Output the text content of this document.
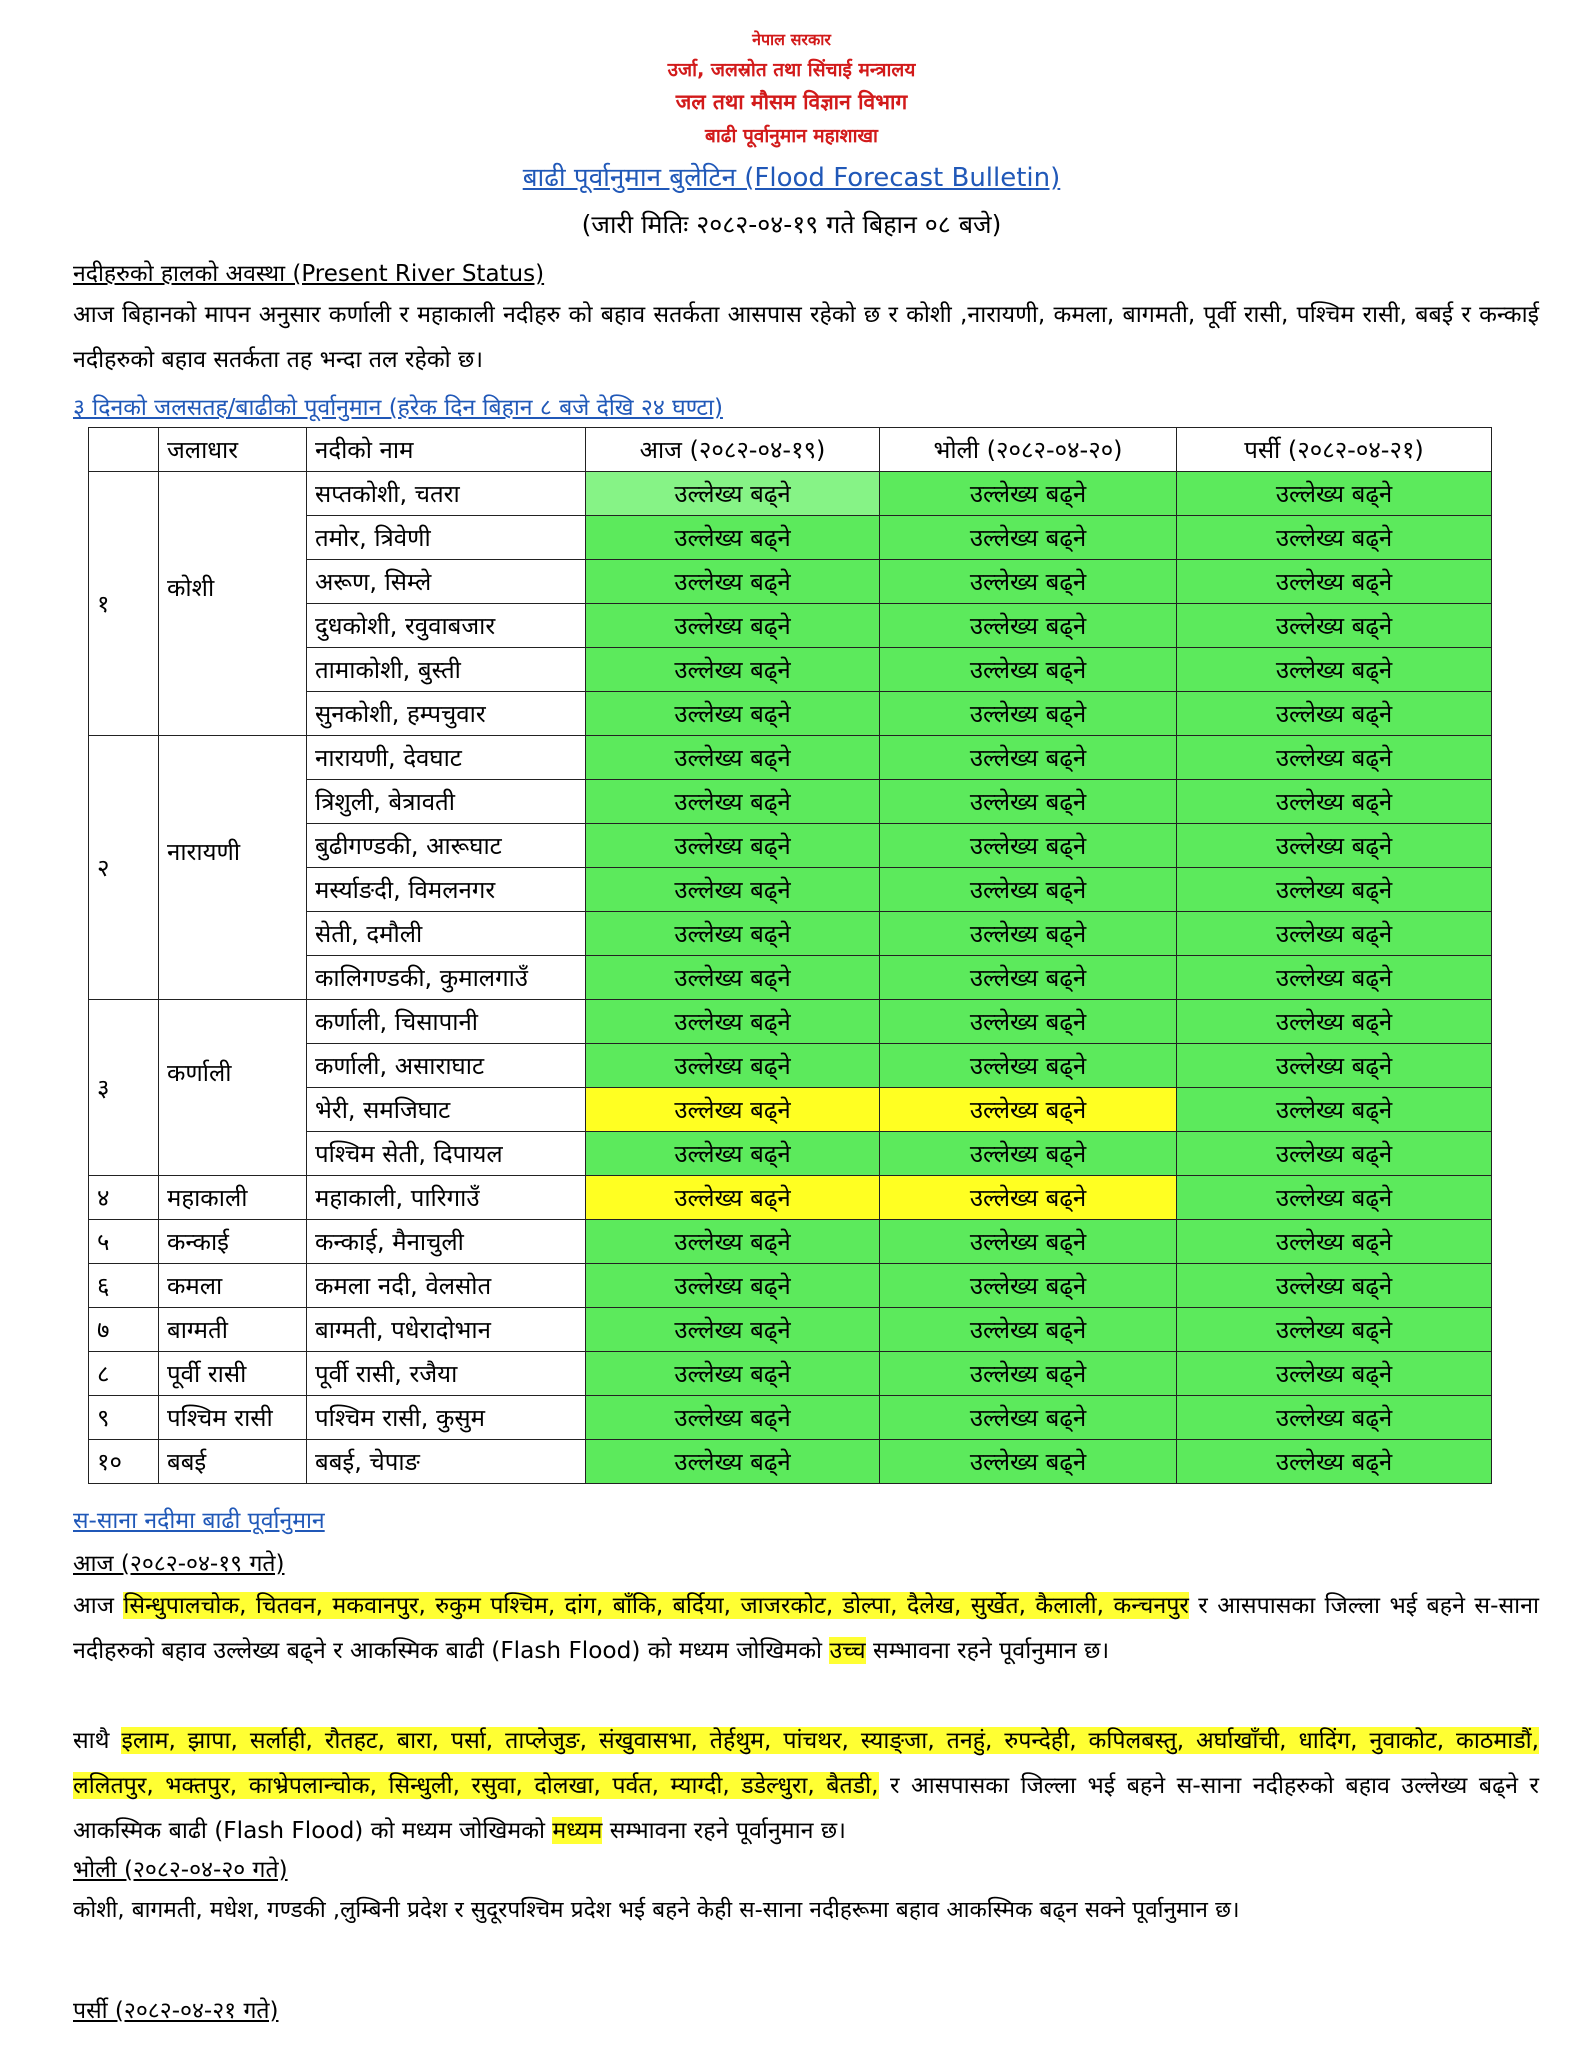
नेपाल सरकार
उर्जा, जलस्रोत तथा सिंचाई मन्त्रालय
जल तथा मौसम विज्ञान विभाग
बाढी पूर्वानुमान महाशाखा
बाढी पूर्वानुमान बुलेटिन (Flood Forecast Bulletin)
(जारी मितिः २०८२-०४-१९ गते बिहान ०८ बजे)
नदीहरुको हालको अवस्था (Present River Status)
आज बिहानको मापन अनुसार कर्णाली र महाकाली नदीहरु को बहाव सतर्कता आसपास रहेको छ र कोशी ,नारायणी, कमला, बागमती, पूर्वी रासी, पश्चिम रासी, बबई र कन्काई नदीहरुको बहाव सतर्कता तह भन्दा तल रहेको छ।
३ दिनको जलसतह/बाढीको पूर्वानुमान (हरेक दिन बिहान ८ बजे देखि २४ घण्टा)
	जलाधार	नदीको नाम	आज (२०८२-०४-१९)	भोली (२०८२-०४-२०)	पर्सी (२०८२-०४-२१)
१	कोशी	सप्तकोशी, चतरा	उल्लेख्य बढ्ने	उल्लेख्य बढ्ने	उल्लेख्य बढ्ने
		तमोर, त्रिवेणी	उल्लेख्य बढ्ने	उल्लेख्य बढ्ने	उल्लेख्य बढ्ने
		अरूण, सिम्ले	उल्लेख्य बढ्ने	उल्लेख्य बढ्ने	उल्लेख्य बढ्ने
		दुधकोशी, रवुवाबजार	उल्लेख्य बढ्ने	उल्लेख्य बढ्ने	उल्लेख्य बढ्ने
		तामाकोशी, बुस्ती	उल्लेख्य बढ्ने	उल्लेख्य बढ्ने	उल्लेख्य बढ्ने
		सुनकोशी, हम्पचुवार	उल्लेख्य बढ्ने	उल्लेख्य बढ्ने	उल्लेख्य बढ्ने
२	नारायणी	नारायणी, देवघाट	उल्लेख्य बढ्ने	उल्लेख्य बढ्ने	उल्लेख्य बढ्ने
		त्रिशुली, बेत्रावती	उल्लेख्य बढ्ने	उल्लेख्य बढ्ने	उल्लेख्य बढ्ने
		बुढीगण्डकी, आरूघाट	उल्लेख्य बढ्ने	उल्लेख्य बढ्ने	उल्लेख्य बढ्ने
		मर्स्याङदी, विमलनगर	उल्लेख्य बढ्ने	उल्लेख्य बढ्ने	उल्लेख्य बढ्ने
		सेती, दमौली	उल्लेख्य बढ्ने	उल्लेख्य बढ्ने	उल्लेख्य बढ्ने
		कालिगण्डकी, कुमालगाउँ	उल्लेख्य बढ्ने	उल्लेख्य बढ्ने	उल्लेख्य बढ्ने
३	कर्णाली	कर्णाली, चिसापानी	उल्लेख्य बढ्ने	उल्लेख्य बढ्ने	उल्लेख्य बढ्ने
		कर्णाली, असाराघाट	उल्लेख्य बढ्ने	उल्लेख्य बढ्ने	उल्लेख्य बढ्ने
		भेरी, समजिघाट	उल्लेख्य बढ्ने	उल्लेख्य बढ्ने	उल्लेख्य बढ्ने
		पश्चिम सेती, दिपायल	उल्लेख्य बढ्ने	उल्लेख्य बढ्ने	उल्लेख्य बढ्ने
४	महाकाली	महाकाली, पारिगाउँ	उल्लेख्य बढ्ने	उल्लेख्य बढ्ने	उल्लेख्य बढ्ने
५	कन्काई	कन्काई, मैनाचुली	उल्लेख्य बढ्ने	उल्लेख्य बढ्ने	उल्लेख्य बढ्ने
६	कमला	कमला नदी, वेलसोत	उल्लेख्य बढ्ने	उल्लेख्य बढ्ने	उल्लेख्य बढ्ने
७	बाग्मती	बाग्मती, पधेरादोभान	उल्लेख्य बढ्ने	उल्लेख्य बढ्ने	उल्लेख्य बढ्ने
८	पूर्वी रासी	पूर्वी रासी, रजैया	उल्लेख्य बढ्ने	उल्लेख्य बढ्ने	उल्लेख्य बढ्ने
९	पश्चिम रासी	पश्चिम रासी, कुसुम	उल्लेख्य बढ्ने	उल्लेख्य बढ्ने	उल्लेख्य बढ्ने
१०	बबई	बबई, चेपाङ	उल्लेख्य बढ्ने	उल्लेख्य बढ्ने	उल्लेख्य बढ्ने
स-साना नदीमा बाढी पूर्वानुमान
आज (२०८२-०४-१९ गते)
आज सिन्धुपालचोक, चितवन, मकवानपुर, रुकुम पश्चिम, दांग, बाँकि, बर्दिया, जाजरकोट, डोल्पा, दैलेख, सुर्खेत, कैलाली, कन्चनपुर र आसपासका जिल्ला भई बहने स-साना नदीहरुको बहाव उल्लेख्य बढ्ने र आकस्मिक बाढी (Flash Flood) को मध्यम जोखिमको उच्च सम्भावना रहने पूर्वानुमान छ।
साथै इलाम, झापा, सर्लाही, रौतहट, बारा, पर्सा, ताप्लेजुङ, संखुवासभा, तेर्हथुम, पांचथर, स्याङ्जा, तनहुं, रुपन्देही, कपिलबस्तु, अर्घाखाँची, धादिंग, नुवाकोट, काठमाडौं, ललितपुर, भक्तपुर, काभ्रेपलान्चोक, सिन्धुली, रसुवा, दोलखा, पर्वत, म्याग्दी, डडेल्धुरा, बैतडी, र आसपासका जिल्ला भई बहने स-साना नदीहरुको बहाव उल्लेख्य बढ्ने र आकस्मिक बाढी (Flash Flood) को मध्यम जोखिमको मध्यम सम्भावना रहने पूर्वानुमान छ।
भोली (२०८२-०४-२० गते)
कोशी, बागमती, मधेश, गण्डकी ,लुम्बिनी प्रदेश र सुदूरपश्चिम प्रदेश भई बहने केही स-साना नदीहरूमा बहाव आकस्मिक बढ्न सक्ने पूर्वानुमान छ।
पर्सी (२०८२-०४-२१ गते)
